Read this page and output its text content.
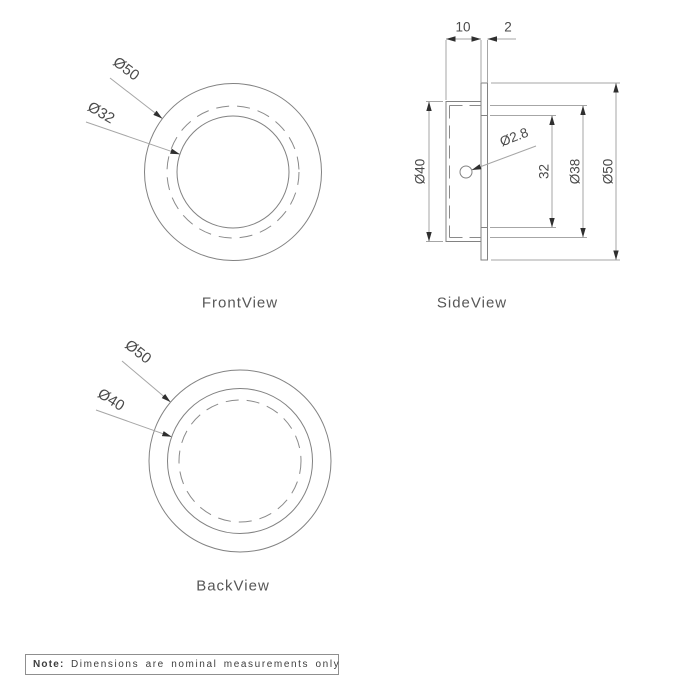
Ø50
Ø32
FrontView
Ø2.8
10 2
Ø40	32 Ø38 Ø50
SideView
Ø50
Ø40
BackView
Note: Dimensions are nominal measurements only
